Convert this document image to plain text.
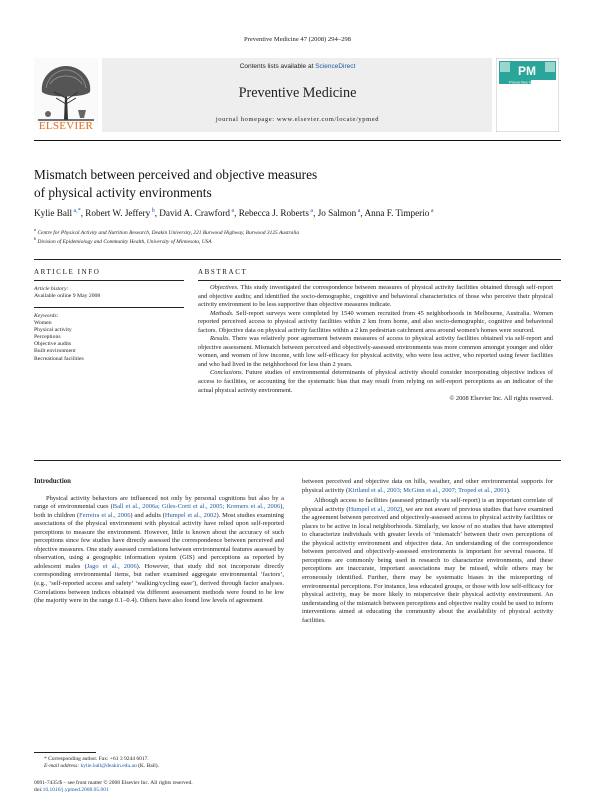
Preventive Medicine 47 (2008) 294–298
Contents lists available at ScienceDirect
Preventive Medicine
journal homepage: www.elsevier.com/locate/ypmed
ELSEVIER
PM
Preventive Medicine
Mismatch between perceived and objective measures
of physical activity environments
Kylie Ball $^{a,*}$, Robert W. Jeffery $^b$, David A. Crawford $^a$, Rebecca J. Roberts $^a$, Jo Salmon $^a$, Anna F. Timperio $^a$
$^a$ Centre for Physical Activity and Nutrition Research, Deakin University, 221 Burwood Highway, Burwood 3125 Australia
$^b$ Division of Epidemiology and Community Health, University of Minnesota, USA
ARTICLE INFO
Article history:
Available online 9 May 2008
Keywords:
Women
Physical activity
Perceptions
Objective audits
Built environment
Recreational facilities
ABSTRACT

Objectives. This study investigated the correspondence between measures of physical activity facilities obtained through self-report and objective audits; and identified the socio-demographic, cognitive and behavioral characteristics of those who perceive their physical activity environment to be less supportive than objective measures indicate.

Methods. Self-report surveys were completed by 1540 women recruited from 45 neighborhoods in Melbourne, Australia. Women reported perceived access to physical activity facilities within 2 km from home, and also socio-demographic, cognitive and behavioral factors. Objective data on physical activity facilities within a 2 km pedestrian catchment area around women's homes were sourced.

Results. There was relatively poor agreement between measures of access to physical activity facilities obtained via self-report and objective assessment. Mismatch between perceived and objectively-assessed environments was more common amongst younger and older women, and women of low income, with low self-efficacy for physical activity, who were less active, who reported using fewer facilities and who had lived in the neighborhood for less than 2 years.

Conclusions. Future studies of environmental determinants of physical activity should consider incorporating objective indices of access to facilities, or accounting for the systematic bias that may result from relying on self-report perceptions as an indicator of the actual physical activity environment.

© 2008 Elsevier Inc. All rights reserved.

Introduction

Physical activity behaviors are influenced not only by personal cognitions but also by a range of environmental cues (Ball et al., 2006a; Giles-Corti et al., 2005; Kremers et al., 2006), both in children (Ferreira et al., 2006) and adults (Humpel et al., 2002). Most studies examining associations of the physical environment with physical activity have relied upon self-reported perceptions to measure the environment. However, little is known about the accuracy of such perceptions since few studies have directly assessed the correspondence between perceived and objective measures. One study assessed correlations between environmental features assessed by observation, using a geographic information system (GIS) and perceptions as reported by adolescent males (Jago et al., 2006). However, that study did not incorporate directly corresponding environmental items, but rather examined aggregate environmental ‘factors’, (e.g., ‘self-reported access and safety’ ‘walking/cycling ease’), derived through factor analyses. Correlations between indices obtained via different assessment methods were found to be low (the majority were in the range 0.1–0.4). Others have also found low levels of agreement

between perceived and objective data on hills, weather, and other environmental supports for physical activity (Kirtland et al., 2003; McGinn et al., 2007; Troped et al., 2001).

Although access to facilities (assessed primarily via self-report) is an important correlate of physical activity (Humpel et al., 2002), we are not aware of previous studies that have examined the agreement between perceived and objectively-assessed access to physical activity facilities or places to be active in local neighborhoods. Similarly, we know of no studies that have attempted to characterize individuals with greater levels of ‘mismatch’ between their own perceptions of the physical activity environment and objective data. An understanding of the correspondence between perceived and objectively-assessed environments is important for several reasons. If perceptions are commonly being used in research to characterize environments, and these perceptions are inaccurate, important associations may be missed, while others may be erroneously identified. Further, there may be systematic biases in the misreporting of environmental perceptions. For instance, less educated groups, or those with low self-efficacy for physical activity, may be more likely to misperceive their physical activity environment. An understanding of the mismatch between perceptions and objective reality could be used to inform interventions aimed at educating the community about the availability of physical activity facilities.

* Corresponding author. Fax: +61 3 9244 6017.
E-mail address: kylie.ball@deakin.edu.au (K. Ball).
0091-7435/$ – see front matter © 2008 Elsevier Inc. All rights reserved.
doi:10.1016/j.ypmed.2008.05.001
